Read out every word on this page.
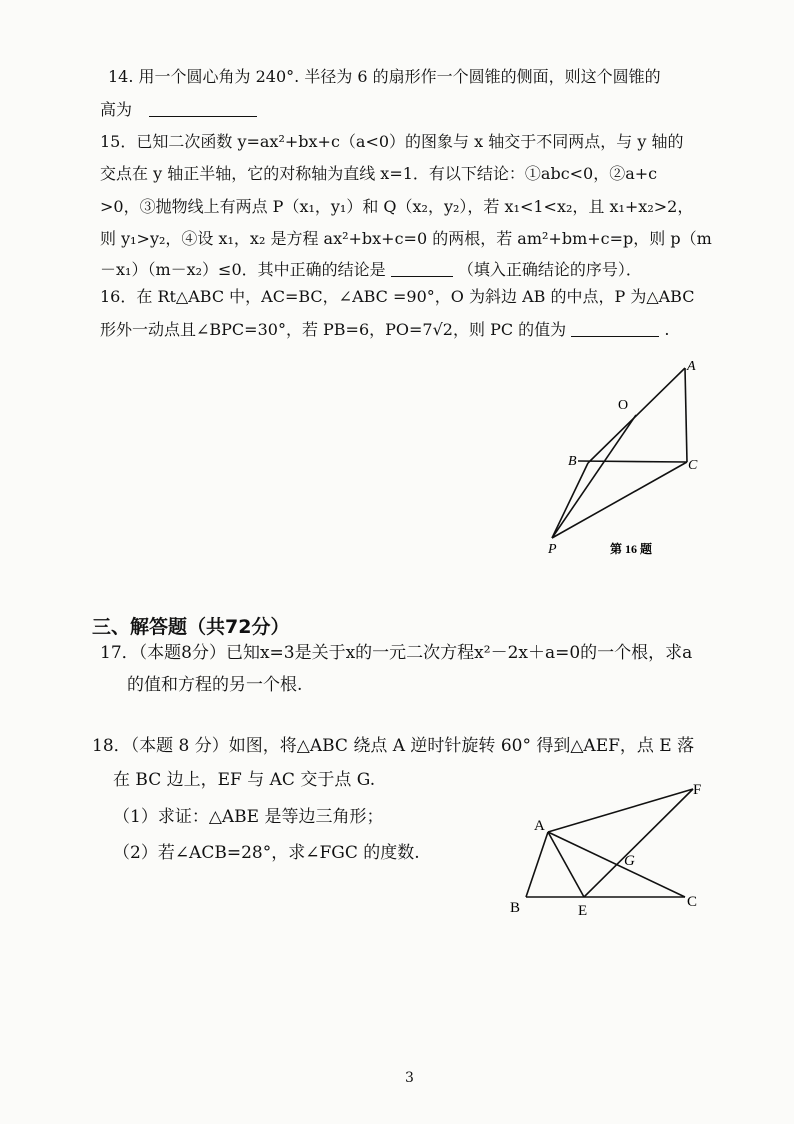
14. 用一个圆心角为 240°. 半径为 6 的扇形作一个圆锥的侧面，则这个圆锥的
高为
15．已知二次函数 y=ax²+bx+c（a<0）的图象与 x 轴交于不同两点，与 y 轴的
交点在 y 轴正半轴，它的对称轴为直线 x=1．有以下结论：①abc<0，②a+c
>0，③抛物线上有两点 P（x₁，y₁）和 Q（x₂，y₂），若 x₁<1<x₂，且 x₁+x₂>2，
则 y₁>y₂，④设 x₁，x₂ 是方程 ax²+bx+c=0 的两根，若 am²+bm+c=p，则 p（m
－x₁）（m－x₂）≤0．其中正确的结论是	（填入正确结论的序号）．
16．在 Rt△ABC 中，AC=BC，∠ABC =90°，O 为斜边 AB 的中点，P 为△ABC
形外一动点且∠BPC=30°，若 PB=6，PO=7√2，则 PC 的值为	.
A
O
B	C
P	第 16 题
三、解答题（共72分）
17．（本题8分）已知x=3是关于x的一元二次方程x²－2x＋a=0的一个根，求a
的值和方程的另一个根.
18．（本题 8 分）如图，将△ABC 绕点 A 逆时针旋转 60° 得到△AEF，点 E 落
在 BC 边上，EF 与 AC 交于点 G.
（1）求证：△ABE 是等边三角形；
（2）若∠ACB=28°，求∠FGC 的度数.
A
B	C
E
F
G
3
